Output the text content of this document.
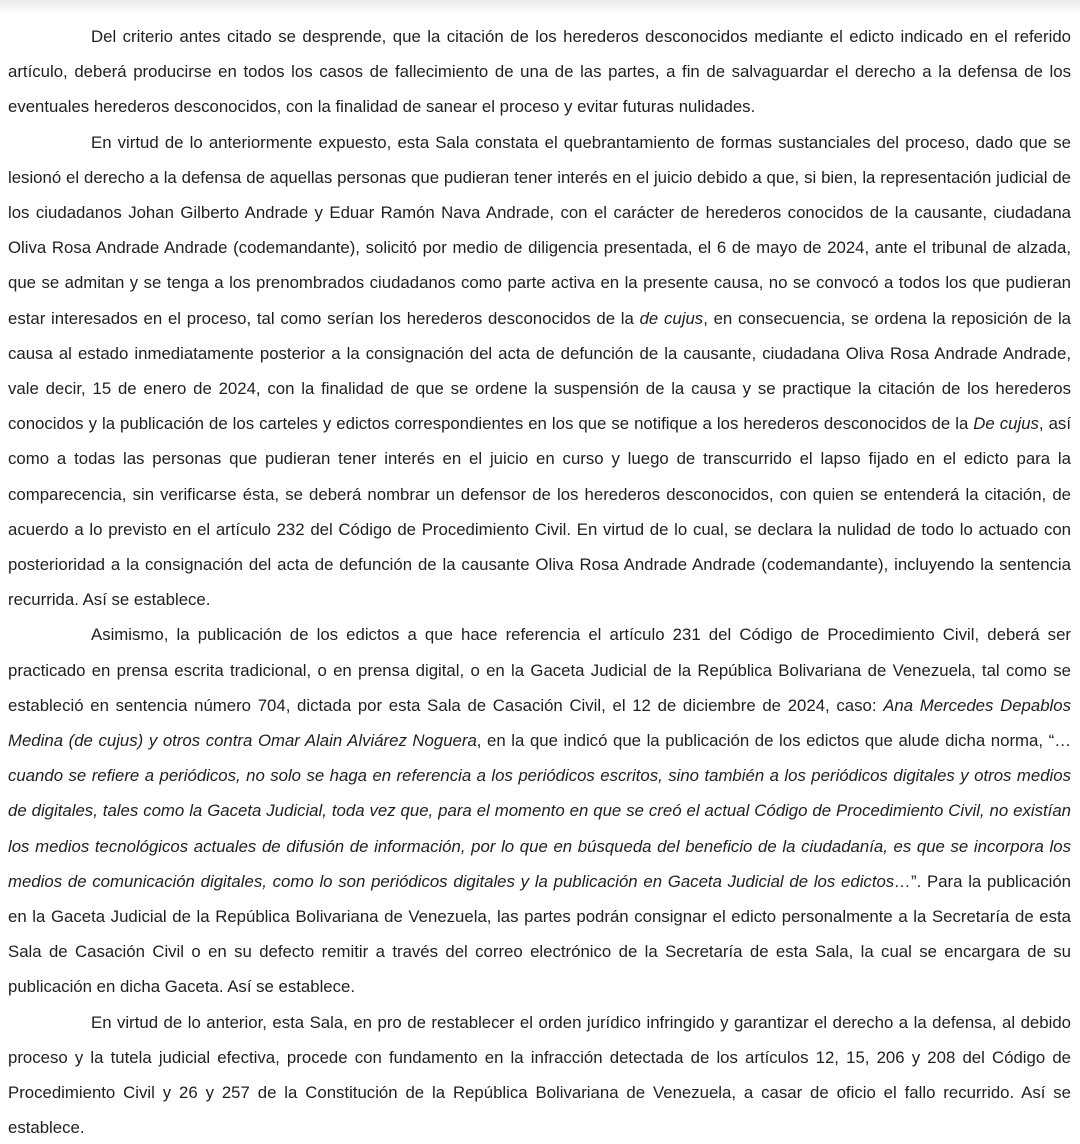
Del criterio antes citado se desprende, que la citación de los herederos desconocidos mediante el edicto indicado en el referido artículo, deberá producirse en todos los casos de fallecimiento de una de las partes, a fin de salvaguardar el derecho a la defensa de los eventuales herederos desconocidos, con la finalidad de sanear el proceso y evitar futuras nulidades.

En virtud de lo anteriormente expuesto, esta Sala constata el quebrantamiento de formas sustanciales del proceso, dado que se lesionó el derecho a la defensa de aquellas personas que pudieran tener interés en el juicio debido a que, si bien, la representación judicial de los ciudadanos Johan Gilberto Andrade y Eduar Ramón Nava Andrade, con el carácter de herederos conocidos de la causante, ciudadana Oliva Rosa Andrade Andrade (codemandante), solicitó por medio de diligencia presentada, el 6 de mayo de 2024, ante el tribunal de alzada, que se admitan y se tenga a los prenombrados ciudadanos como parte activa en la presente causa, no se convocó a todos los que pudieran estar interesados en el proceso, tal como serían los herederos desconocidos de la de cujus, en consecuencia, se ordena la reposición de la causa al estado inmediatamente posterior a la consignación del acta de defunción de la causante, ciudadana Oliva Rosa Andrade Andrade, vale decir, 15 de enero de 2024, con la finalidad de que se ordene la suspensión de la causa y se practique la citación de los herederos conocidos y la publicación de los carteles y edictos correspondientes en los que se notifique a los herederos desconocidos de la De cujus, así como a todas las personas que pudieran tener interés en el juicio en curso y luego de transcurrido el lapso fijado en el edicto para la comparecencia, sin verificarse ésta, se deberá nombrar un defensor de los herederos desconocidos, con quien se entenderá la citación, de acuerdo a lo previsto en el artículo 232 del Código de Procedimiento Civil. En virtud de lo cual, se declara la nulidad de todo lo actuado con posterioridad a la consignación del acta de defunción de la causante Oliva Rosa Andrade Andrade (codemandante), incluyendo la sentencia recurrida. Así se establece.

Asimismo, la publicación de los edictos a que hace referencia el artículo 231 del Código de Procedimiento Civil, deberá ser practicado en prensa escrita tradicional, o en prensa digital, o en la Gaceta Judicial de la República Bolivariana de Venezuela, tal como se estableció en sentencia número 704, dictada por esta Sala de Casación Civil, el 12 de diciembre de 2024, caso: Ana Mercedes Depablos Medina (de cujus) y otros contra Omar Alain Alviárez Noguera, en la que indicó que la publicación de los edictos que alude dicha norma, “…cuando se refiere a periódicos, no solo se haga en referencia a los periódicos escritos, sino también a los periódicos digitales y otros medios de digitales, tales como la Gaceta Judicial, toda vez que, para el momento en que se creó el actual Código de Procedimiento Civil, no existían los medios tecnológicos actuales de difusión de información, por lo que en búsqueda del beneficio de la ciudadanía, es que se incorpora los medios de comunicación digitales, como lo son periódicos digitales y la publicación en Gaceta Judicial de los edictos…”. Para la publicación en la Gaceta Judicial de la República Bolivariana de Venezuela, las partes podrán consignar el edicto personalmente a la Secretaría de esta Sala de Casación Civil o en su defecto remitir a través del correo electrónico de la Secretaría de esta Sala, la cual se encargara de su publicación en dicha Gaceta. Así se establece.

En virtud de lo anterior, esta Sala, en pro de restablecer el orden jurídico infringido y garantizar el derecho a la defensa, al debido proceso y la tutela judicial efectiva, procede con fundamento en la infracción detectada de los artículos 12, 15, 206 y 208 del Código de Procedimiento Civil y 26 y 257 de la Constitución de la República Bolivariana de Venezuela, a casar de oficio el fallo recurrido. Así se establece.
